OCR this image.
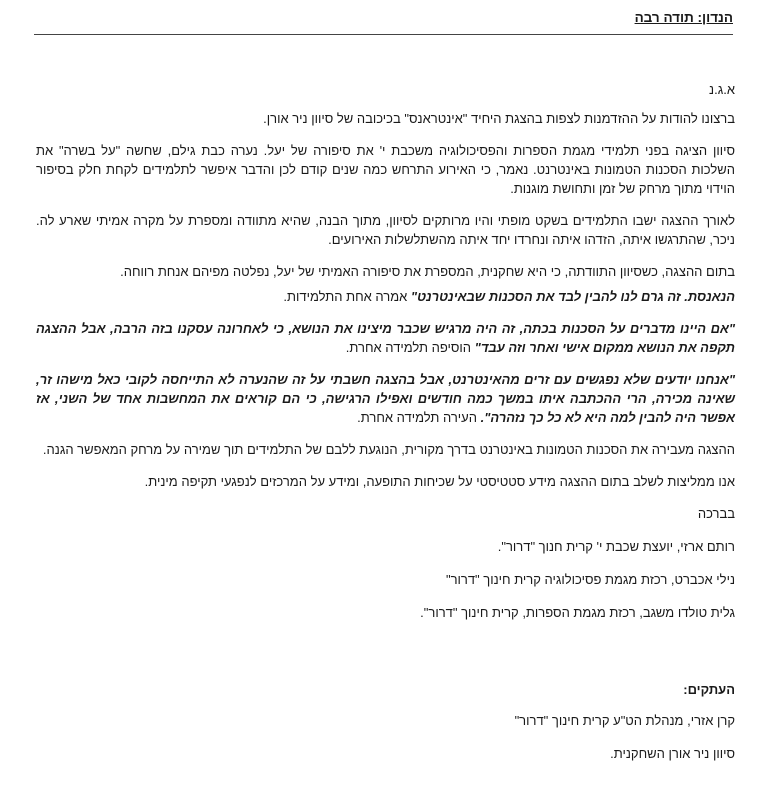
הנדון: תודה רבה

א.ג.נ

ברצונו להודות על ההזדמנות לצפות בהצגת היחיד "אינטראנס" בכיכובה של סיוון ניר אורן.

סיוון הציגה בפני תלמידי מגמת הספרות והפסיכולוגיה משכבת י' את סיפורה של יעל. נערה כבת גילם, שחשה "על בשרה" את השלכות הסכנות הטמונות באינטרנט. נאמר, כי האירוע התרחש כמה שנים קודם לכן והדבר איפשר לתלמידים לקחת חלק בסיפור הוידוי מתוך מרחק של זמן ותחושת מוגנות.

לאורך ההצגה ישבו התלמידים בשקט מופתי והיו מרותקים לסיוון, מתוך הבנה, שהיא מתוודה ומספרת על מקרה אמיתי שארע לה. ניכר, שהתרגשו איתה, הזדהו איתה ונחרדו יחד איתה מהשתלשלות האירועים.

בתום ההצגה, כשסיוון התוודתה, כי היא שחקנית, המספרת את סיפורה האמיתי של יעל, נפלטה מפיהם אנחת רווחה.

הנאנסת. זה גרם לנו להבין לבד את הסכנות שבאינטרנט" אמרה אחת התלמידות.

"אם היינו מדברים על הסכנות בכתה, זה היה מרגיש שכבר מיצינו את הנושא, כי לאחרונה עסקנו בזה הרבה, אבל ההצגה תקפה את הנושא ממקום אישי ואחר וזה עבד" הוסיפה תלמידה אחרת.

"אנחנו יודעים שלא נפגשים עם זרים מהאינטרנט, אבל בהצגה חשבתי על זה שהנערה לא התייחסה לקובי כאל מישהו זר, שאינה מכירה, הרי ההכתבה איתו במשך כמה חודשים ואפילו הרגישה, כי הם קוראים את המחשבות אחד של השני, אז אפשר היה להבין למה היא לא כל כך נזהרה". העירה תלמידה אחרת.

ההצגה מעבירה את הסכנות הטמונות באינטרנט בדרך מקורית, הנוגעת ללבם של התלמידים תוך שמירה על מרחק המאפשר הגנה.

אנו ממליצות לשלב בתום ההצגה מידע סטטיסטי על שכיחות התופעה, ומידע על המרכזים לנפגעי תקיפה מינית.

בברכה

רותם ארזי, יועצת שכבת י' קרית חנוך "דרור".

נילי אכברט, רכזת מגמת פסיכולוגיה קרית חינוך "דרור"

גלית טולדו משגב, רכזת מגמת הספרות, קרית חינוך "דרור".

העתקים:

קרן אזרי, מנהלת הט"ע קרית חינוך "דרור"

סיוון ניר אורן השחקנית.
